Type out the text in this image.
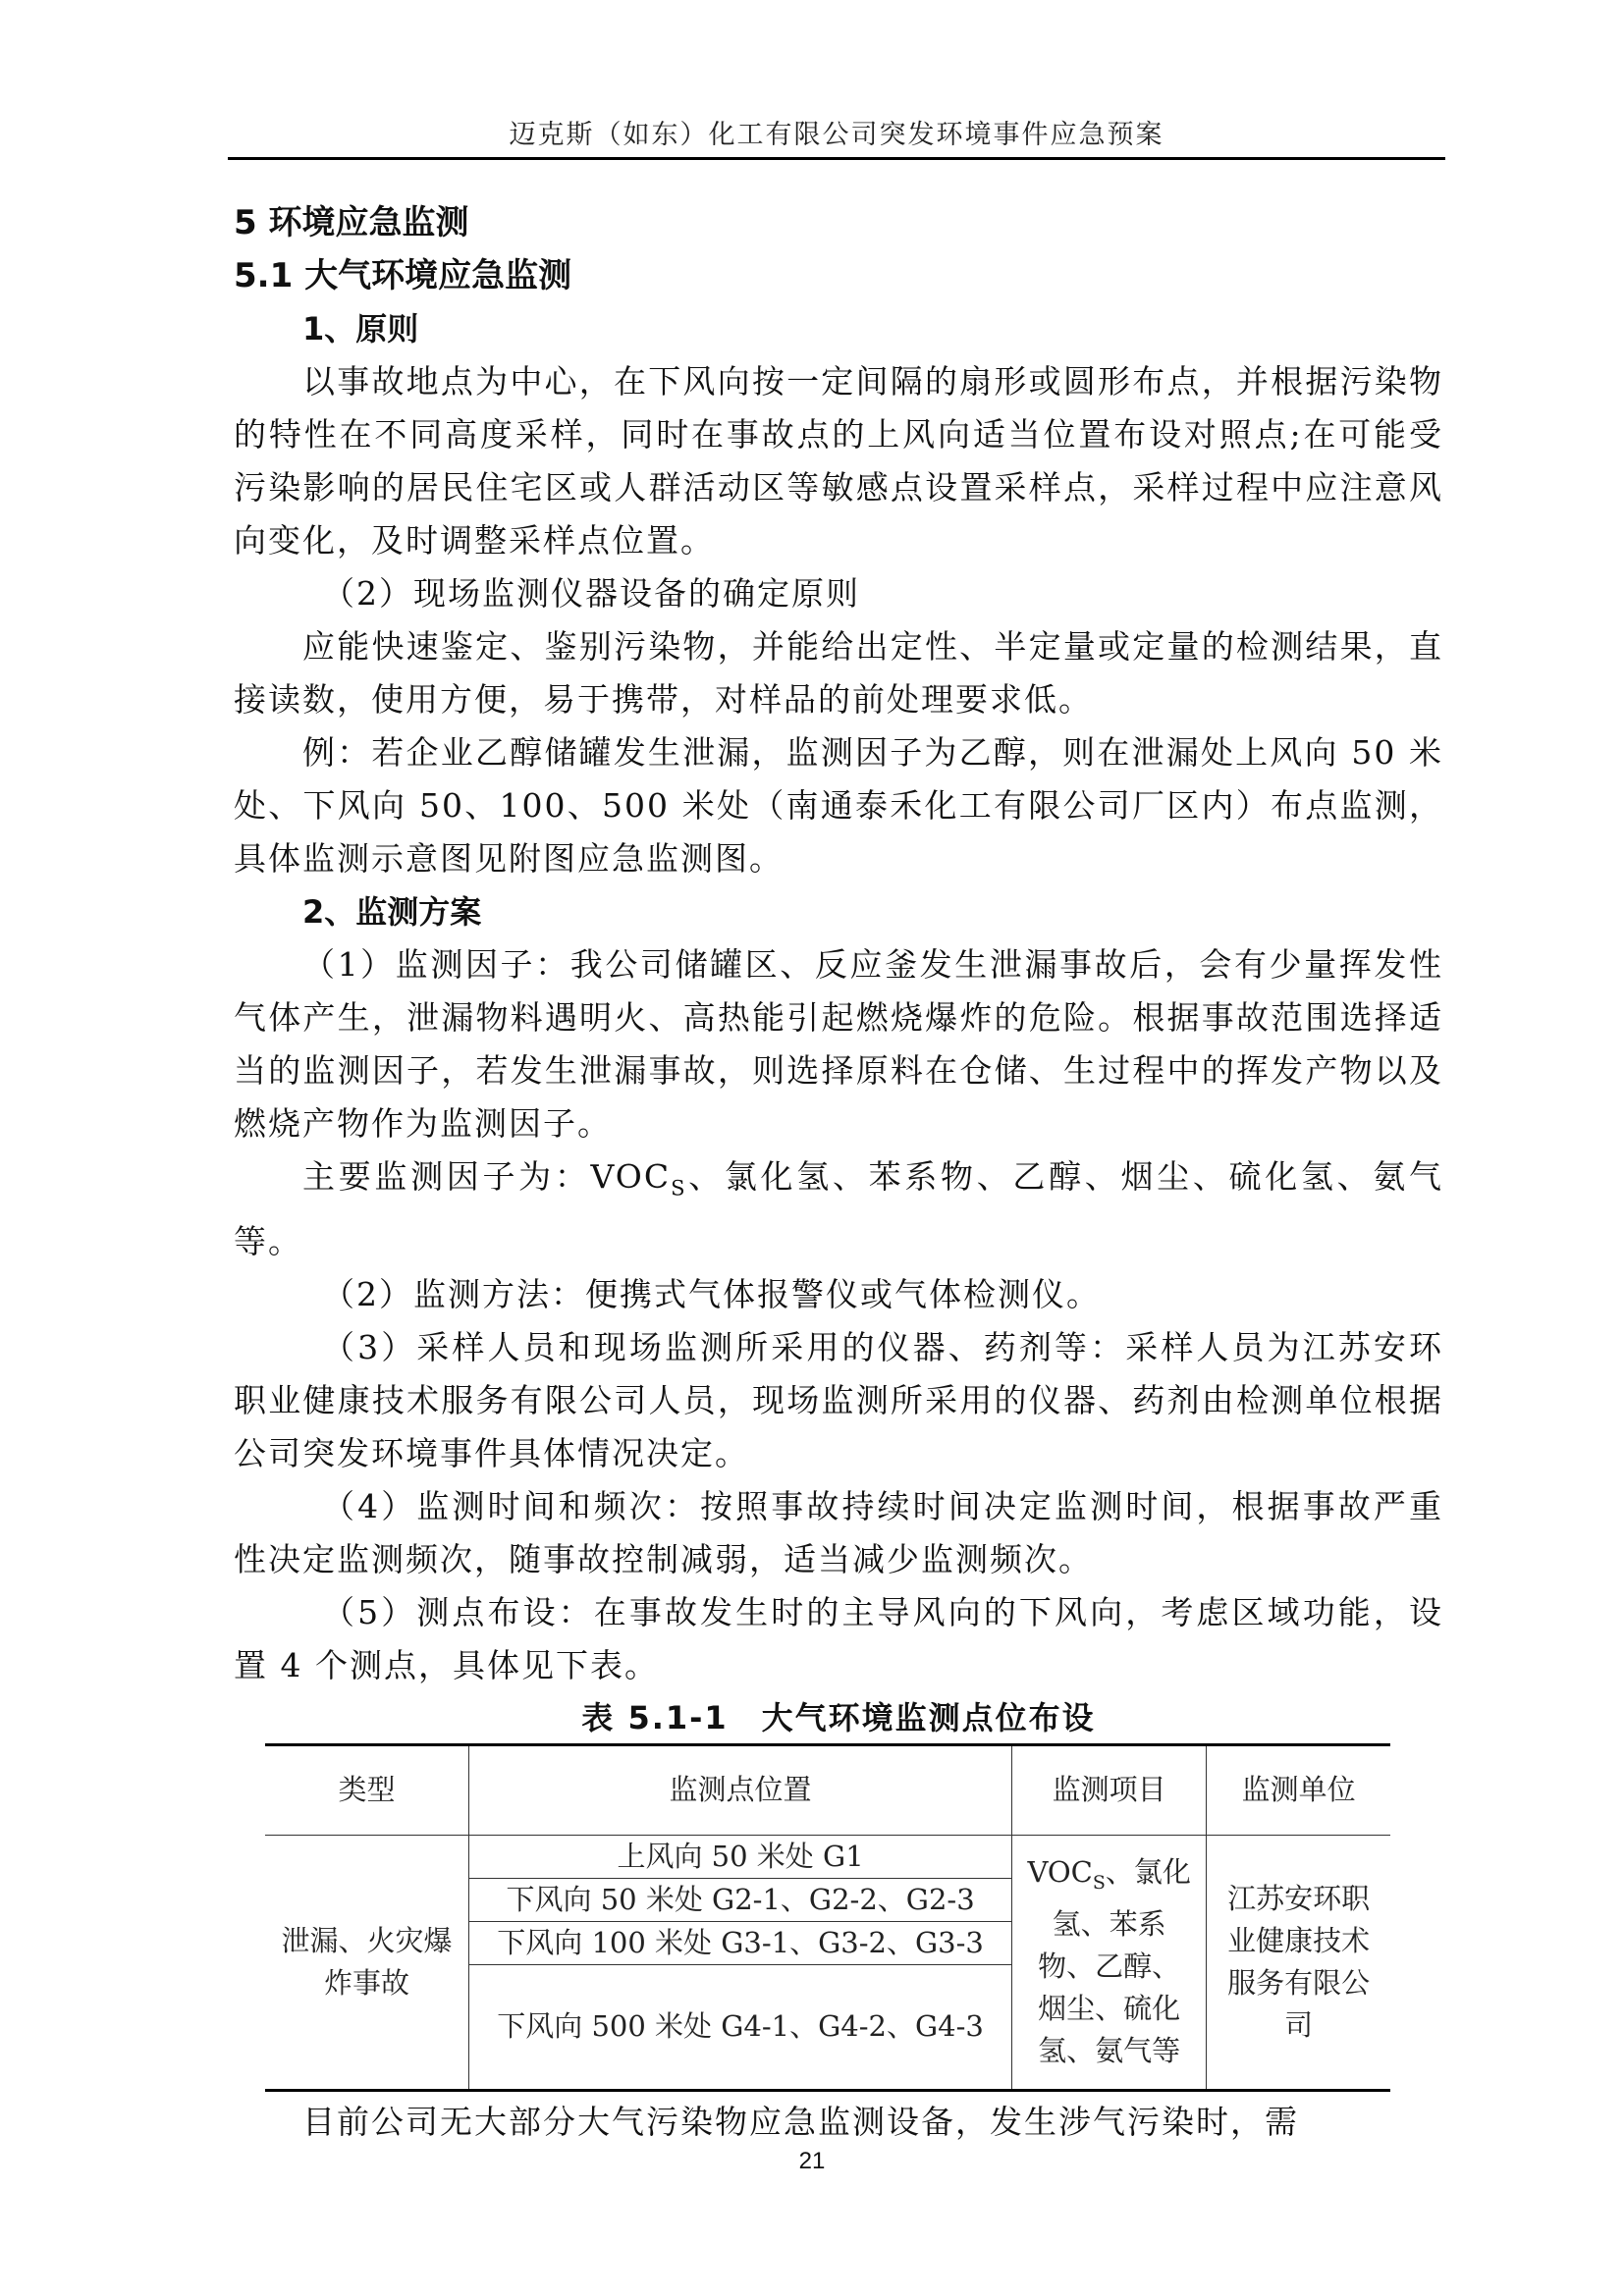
迈克斯（如东）化工有限公司突发环境事件应急预案
5 环境应急监测
5.1 大气环境应急监测
1、原则
以事故地点为中心，在下风向按一定间隔的扇形或圆形布点，并根据污染物的特性在不同高度采样，同时在事故点的上风向适当位置布设对照点;在可能受污染影响的居民住宅区或人群活动区等敏感点设置采样点，采样过程中应注意风向变化，及时调整采样点位置。
（2）现场监测仪器设备的确定原则
应能快速鉴定、鉴别污染物，并能给出定性、半定量或定量的检测结果，直接读数，使用方便，易于携带，对样品的前处理要求低。
例：若企业乙醇储罐发生泄漏，监测因子为乙醇，则在泄漏处上风向 50 米处、下风向 50、100、500 米处（南通泰禾化工有限公司厂区内）布点监测，具体监测示意图见附图应急监测图。
2、监测方案
（1）监测因子：我公司储罐区、反应釜发生泄漏事故后，会有少量挥发性气体产生，泄漏物料遇明火、高热能引起燃烧爆炸的危险。根据事故范围选择适当的监测因子，若发生泄漏事故，则选择原料在仓储、生过程中的挥发产物以及燃烧产物作为监测因子。
主要监测因子为：$VOC_S$、氯化氢、苯系物、乙醇、烟尘、硫化氢、氨气等。
（2）监测方法：便携式气体报警仪或气体检测仪。
（3）采样人员和现场监测所采用的仪器、药剂等：采样人员为江苏安环职业健康技术服务有限公司人员，现场监测所采用的仪器、药剂由检测单位根据公司突发环境事件具体情况决定。
（4）监测时间和频次：按照事故持续时间决定监测时间，根据事故严重性决定监测频次，随事故控制减弱，适当减少监测频次。
（5）测点布设：在事故发生时的主导风向的下风向，考虑区域功能，设置 4 个测点，具体见下表。
表 5.1-1　大气环境监测点位布设
类型	监测点位置	监测项目	监测单位
泄漏、火灾爆炸事故	上风向 50 米处 G1	$VOC_S$、氯化氢、苯系物、乙醇、烟尘、硫化氢、氨气等	江苏安环职业健康技术服务有限公司
	下风向 50 米处 G2-1、G2-2、G2-3		
	下风向 100 米处 G3-1、G3-2、G3-3		
	下风向 500 米处 G4-1、G4-2、G4-3		
目前公司无大部分大气污染物应急监测设备，发生涉气污染时，需
21
